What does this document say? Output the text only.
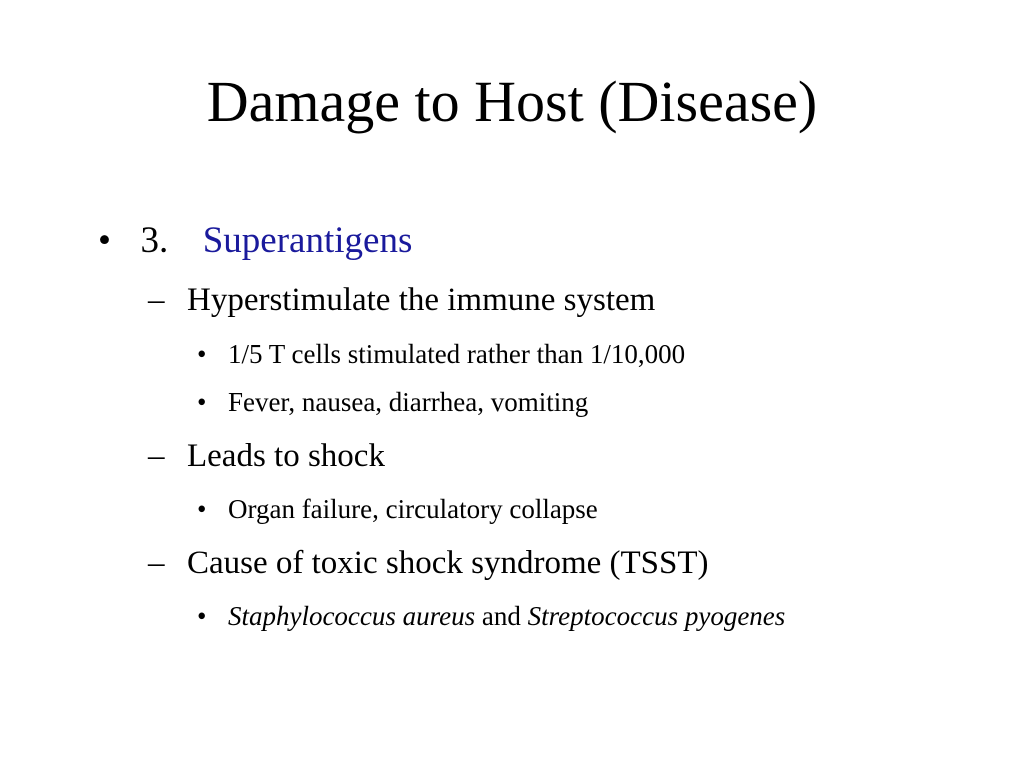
Damage to Host (Disease)
• 3. Superantigens
– Hyperstimulate the immune system
• 1/5 T cells stimulated rather than 1/10,000
• Fever, nausea, diarrhea, vomiting
– Leads to shock
• Organ failure, circulatory collapse
– Cause of toxic shock syndrome (TSST)
• Staphylococcus aureus and Streptococcus pyogenes
